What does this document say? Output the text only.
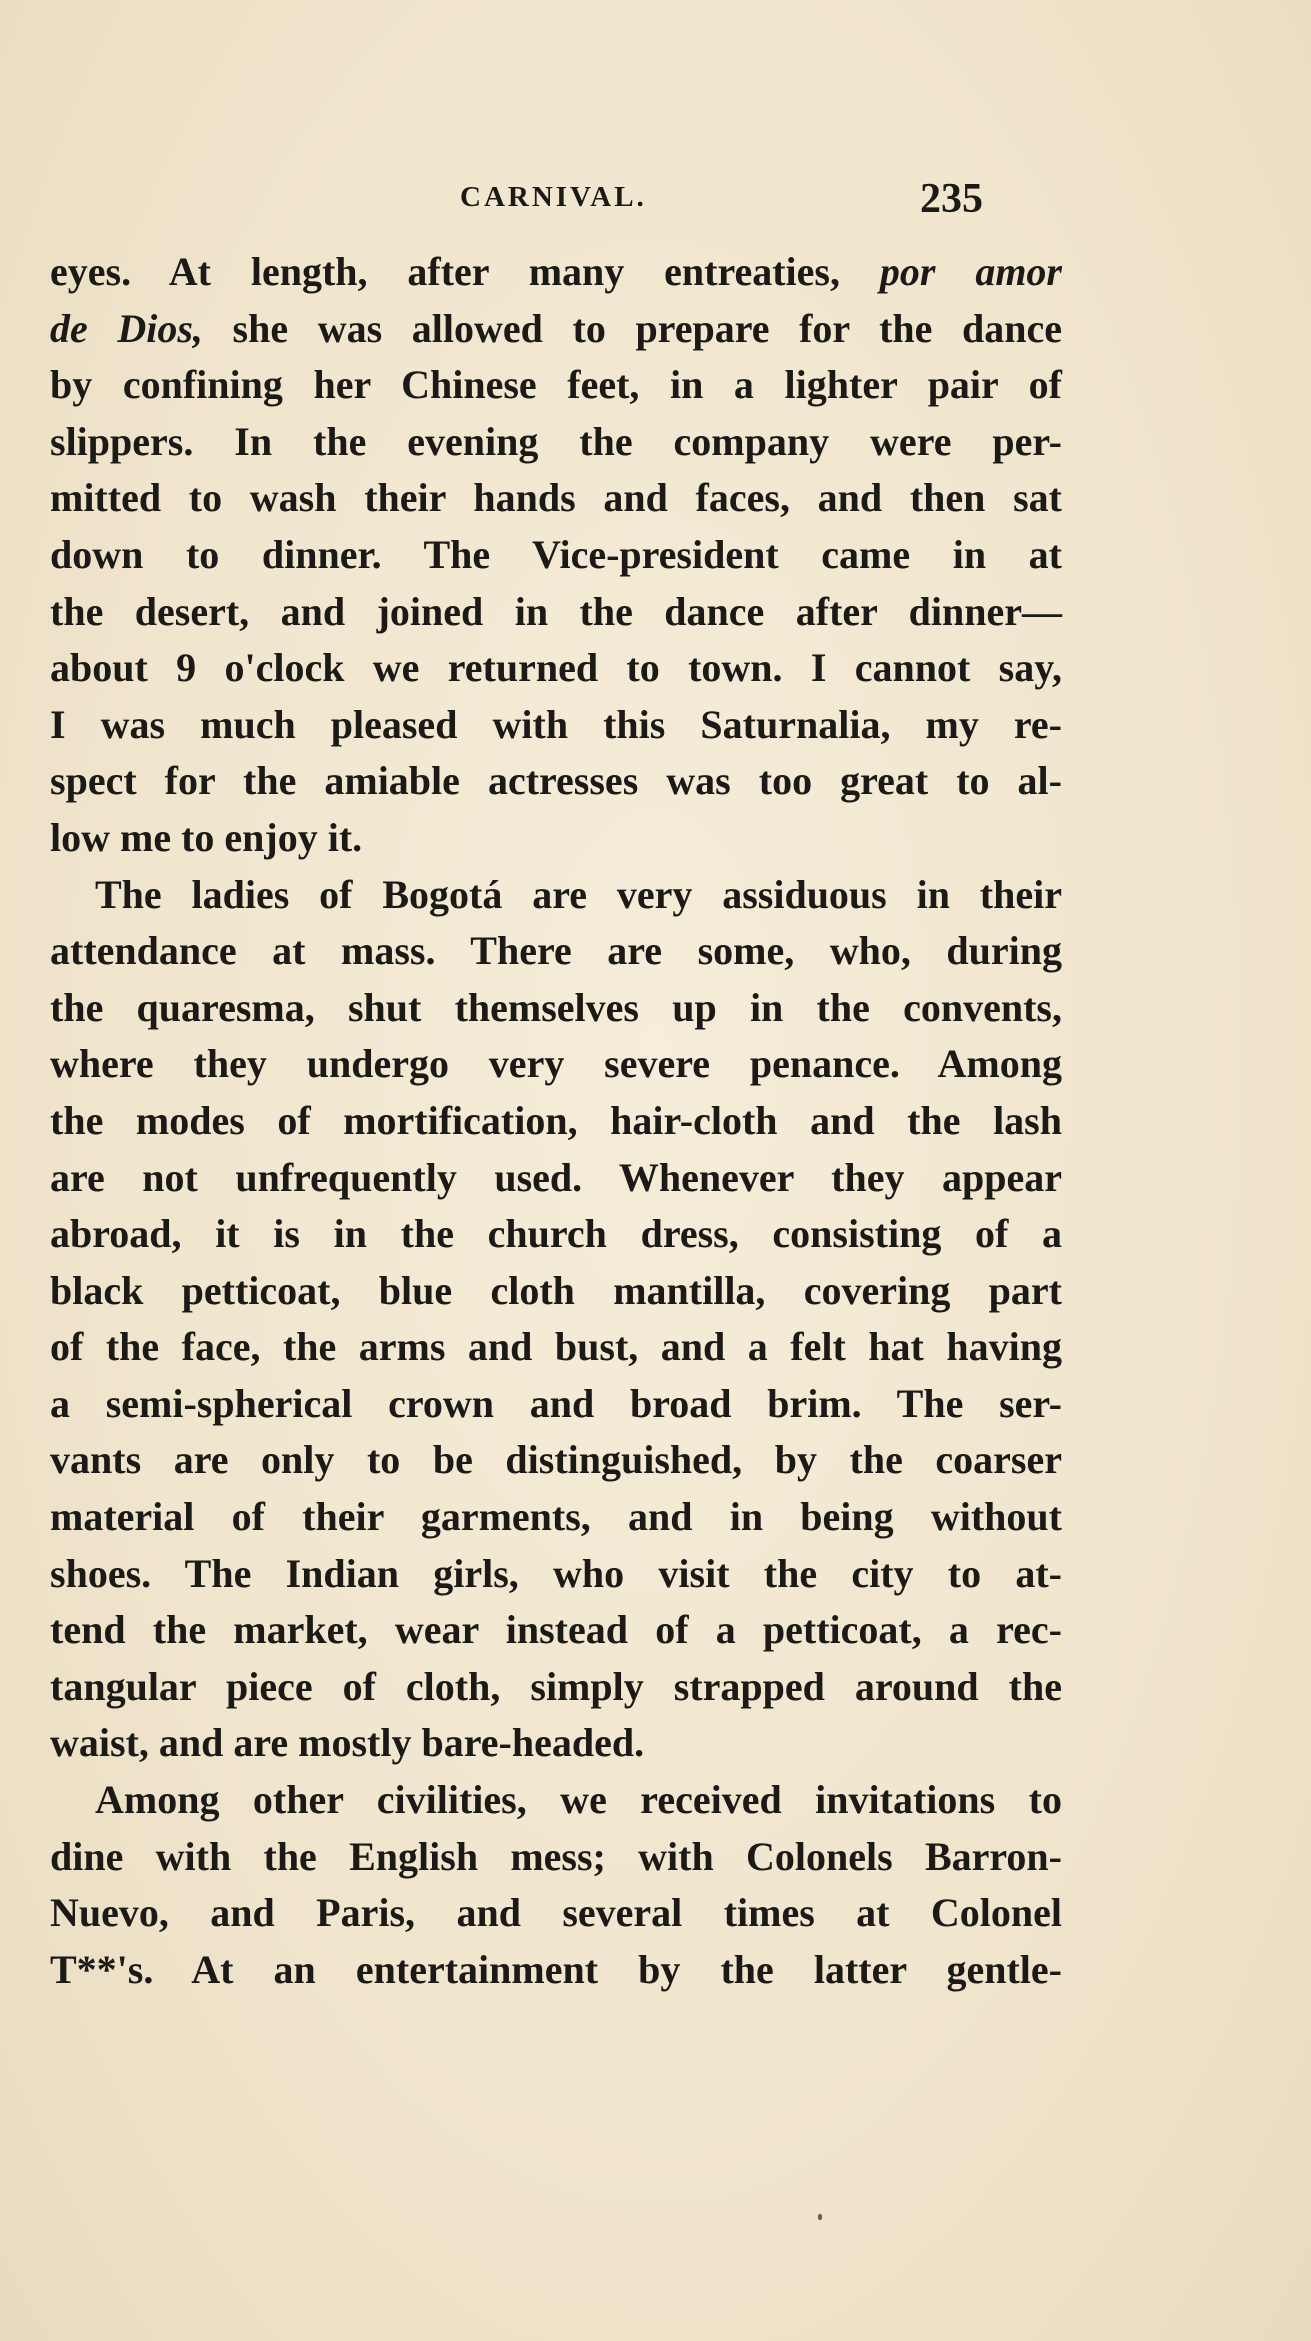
CARNIVAL.	235
eyes. At length, after many entreaties, por amor
de Dios, she was allowed to prepare for the dance
by confining her Chinese feet, in a lighter pair of
slippers. In the evening the company were per-
mitted to wash their hands and faces, and then sat
down to dinner. The Vice-president came in at
the desert, and joined in the dance after dinner—
about 9 o'clock we returned to town. I cannot say,
I was much pleased with this Saturnalia, my re-
spect for the amiable actresses was too great to al-
low me to enjoy it.
The ladies of Bogotá are very assiduous in their
attendance at mass. There are some, who, during
the quaresma, shut themselves up in the convents,
where they undergo very severe penance. Among
the modes of mortification, hair-cloth and the lash
are not unfrequently used. Whenever they appear
abroad, it is in the church dress, consisting of a
black petticoat, blue cloth mantilla, covering part
of the face, the arms and bust, and a felt hat having
a semi-spherical crown and broad brim. The ser-
vants are only to be distinguished, by the coarser
material of their garments, and in being without
shoes. The Indian girls, who visit the city to at-
tend the market, wear instead of a petticoat, a rec-
tangular piece of cloth, simply strapped around the
waist, and are mostly bare-headed.
Among other civilities, we received invitations to
dine with the English mess; with Colonels Barron-
Nuevo, and Paris, and several times at Colonel
T**'s. At an entertainment by the latter gentle-
